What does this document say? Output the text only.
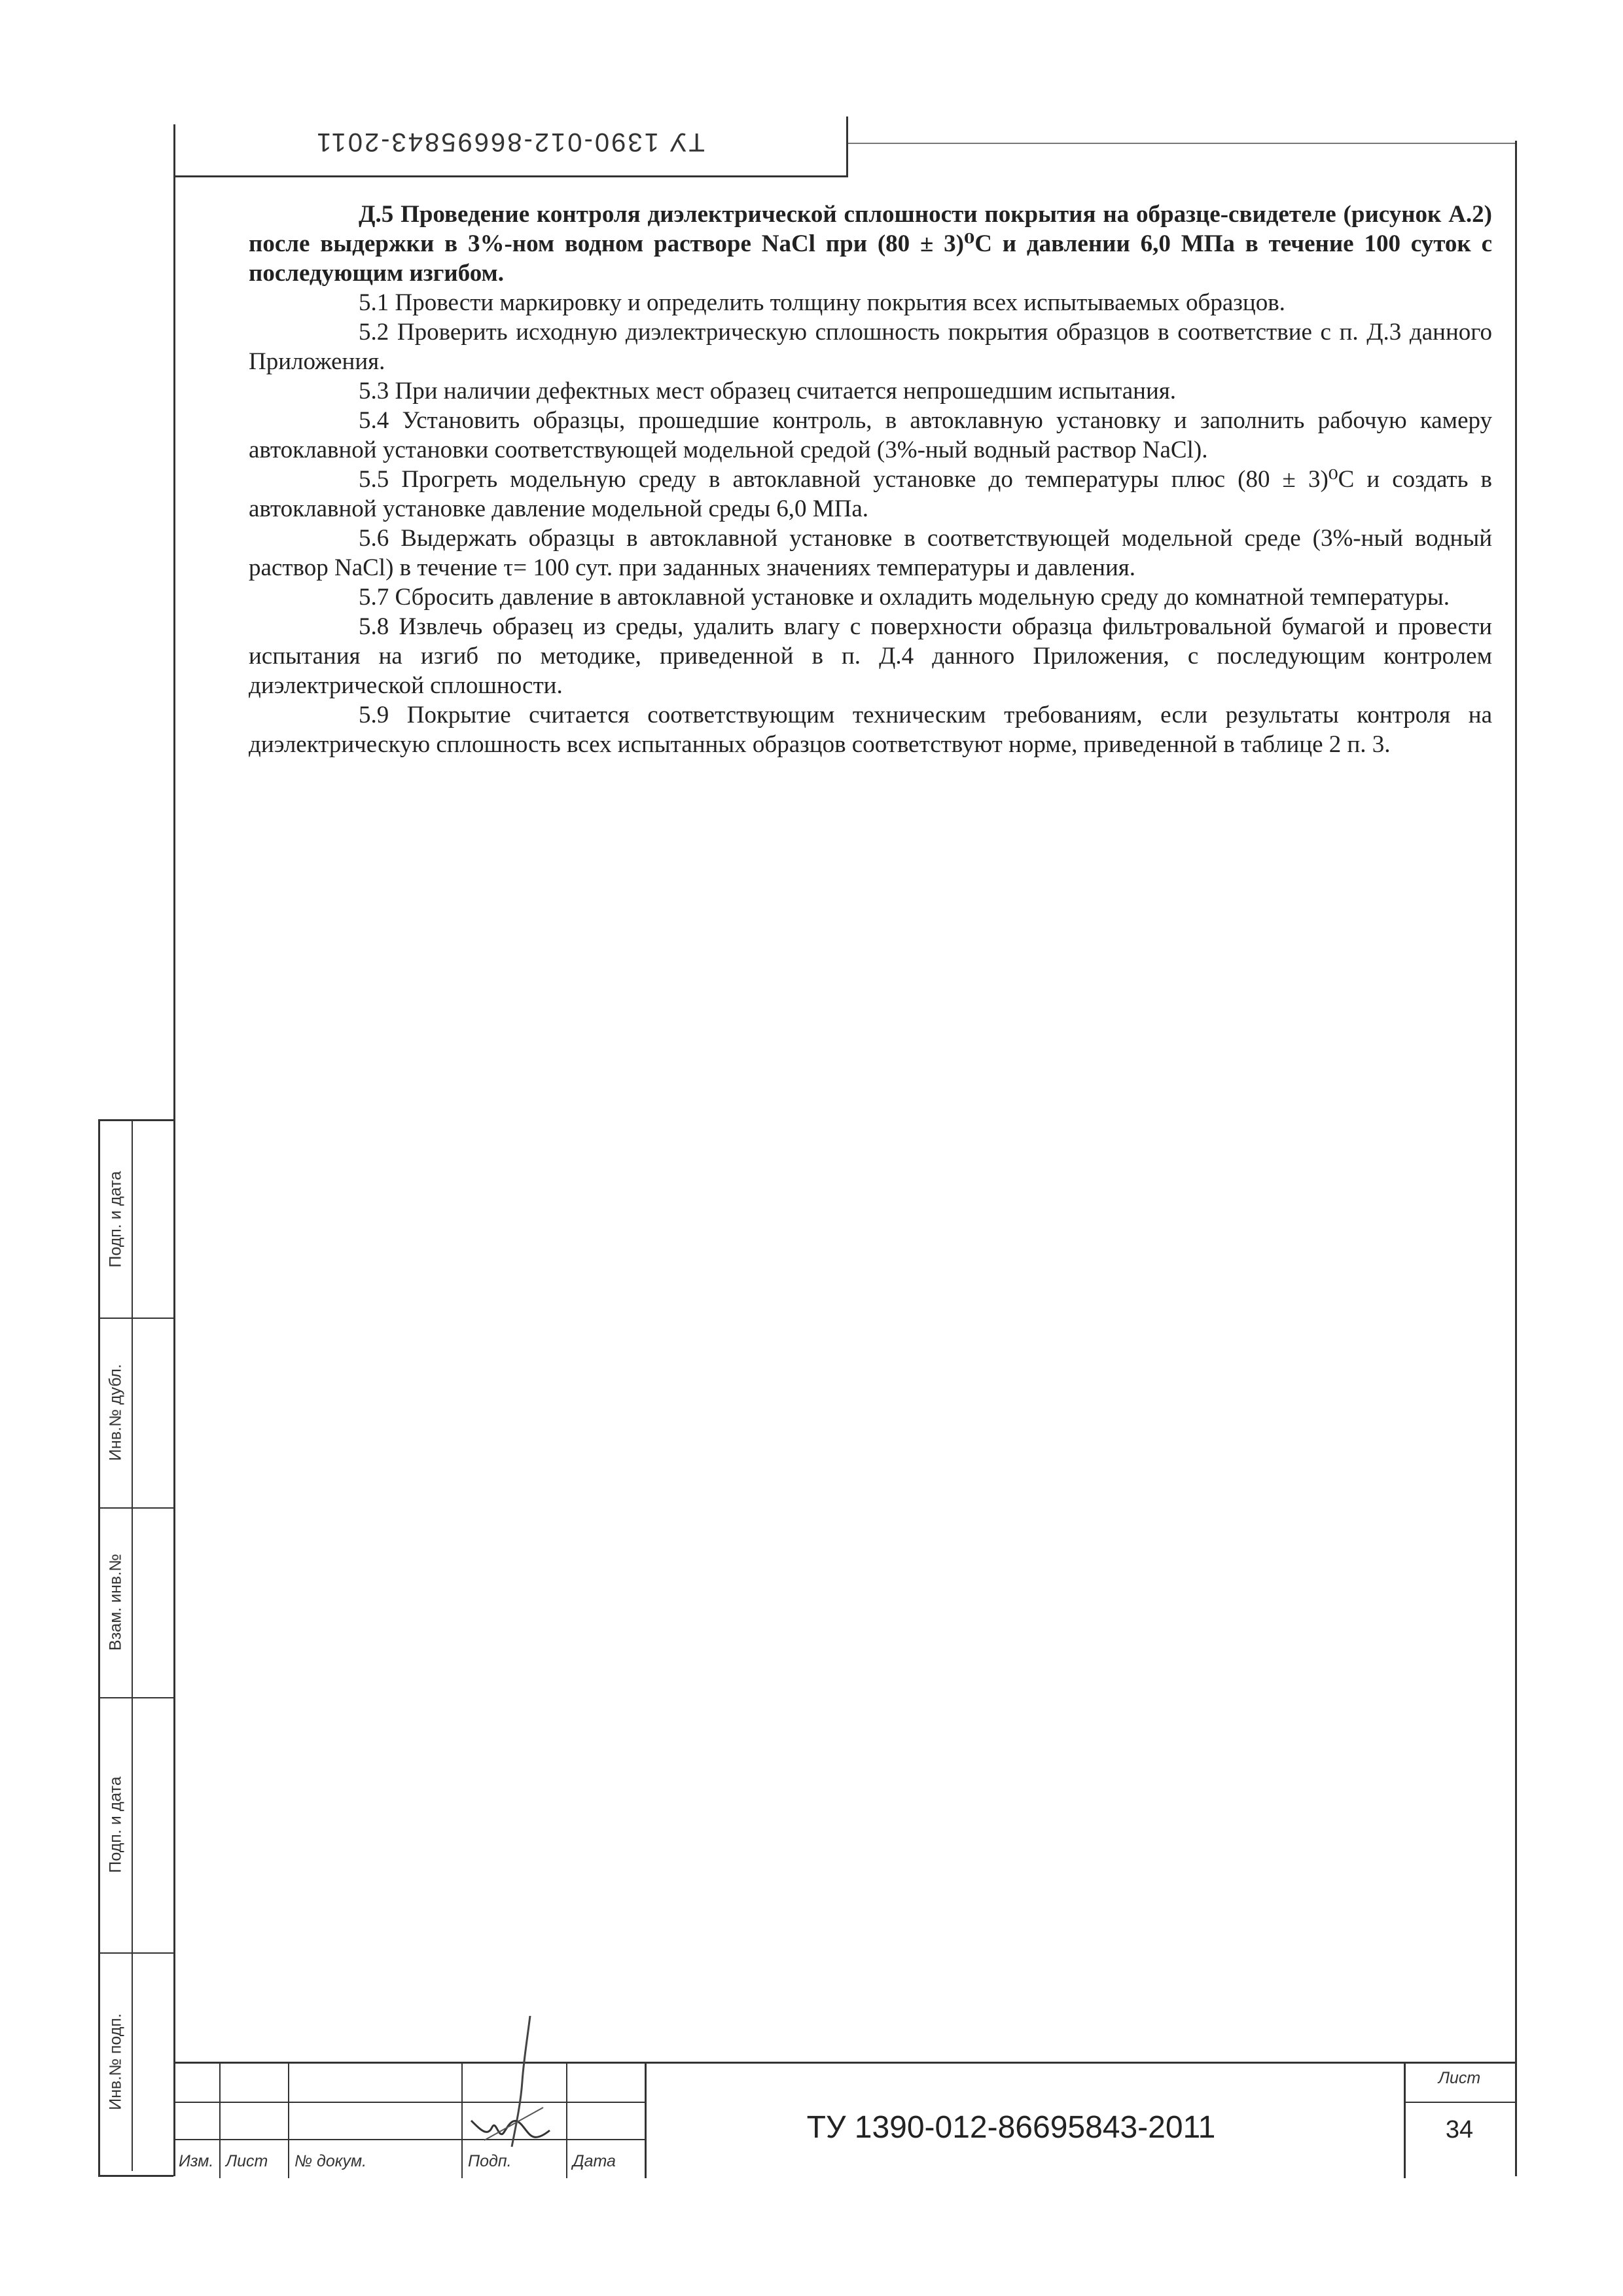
ТУ 1390-012-86695843-2011
Подп. и дата
Инв.№ дубл.
Взам. инв.№
Подп. и дата
Инв.№ подп.

Д.5 Проведение контроля диэлектрической сплошности покрытия на образце-свидетеле (рисунок А.2) после выдержки в 3%-ном водном растворе NaCl при (80 ± 3)⁰С и давлении 6,0 МПа в течение 100 суток с последующим изгибом.

5.1 Провести маркировку и определить толщину покрытия всех испытываемых образцов.

5.2 Проверить исходную диэлектрическую сплошность покрытия образцов в соответствие с п. Д.3 данного Приложения.

5.3 При наличии дефектных мест образец считается непрошедшим испытания.

5.4 Установить образцы, прошедшие контроль, в автоклавную установку и заполнить рабочую камеру автоклавной установки соответствующей модельной средой (3%-ный водный раствор NaCl).

5.5 Прогреть модельную среду в автоклавной установке до температуры плюс (80 ± 3)⁰С и создать в автоклавной установке давление модельной среды 6,0 МПа.

5.6 Выдержать образцы в автоклавной установке в соответствующей модельной среде (3%-ный водный раствор NaCl) в течение τ= 100 сут. при заданных значениях температуры и давления.

5.7 Сбросить давление в автоклавной установке и охладить модельную среду до комнатной температуры.

5.8 Извлечь образец из среды, удалить влагу с поверхности образца фильтровальной бумагой и провести испытания на изгиб по методике, приведенной в п. Д.4 данного Приложения, с последующим контролем диэлектрической сплошности.

5.9 Покрытие считается соответствующим техническим требованиям, если результаты контроля на диэлектрическую сплошность всех испытанных образцов соответствуют норме, приведенной в таблице 2 п. 3.

Изм. Лист № докум.	Подп.	Дата
ТУ 1390-012-86695843-2011
Лист
34
